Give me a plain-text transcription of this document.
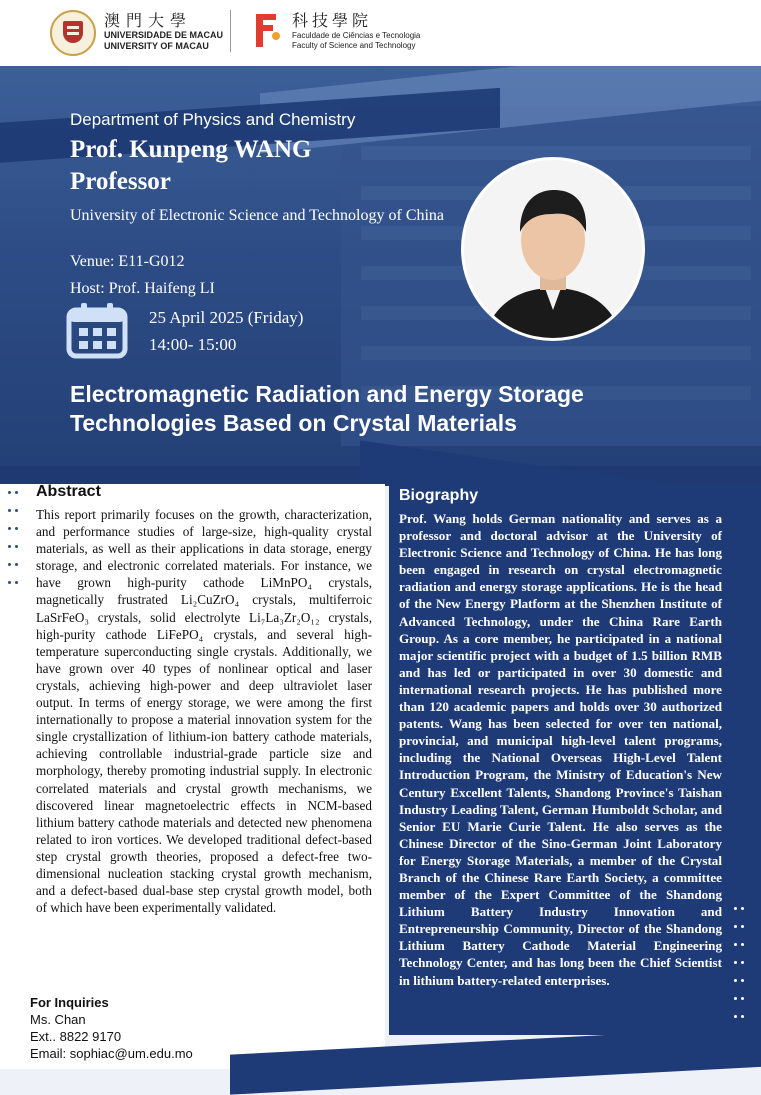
澳門大學
UNIVERSIDADE DE MACAU
UNIVERSITY OF MACAU
科技學院
Faculdade de Ciências e Tecnologia
Faculty of Science and Technology

Department of Physics and Chemistry

Prof. Kunpeng WANG

Professor

University of Electronic Science and Technology of China

Venue: E11-G012

Host: Prof. Haifeng LI

25 April 2025 (Friday)

14:00- 15:00

Electromagnetic Radiation and Energy Storage Technologies Based on Crystal Materials

Abstract

This report primarily focuses on the growth, characterization, and performance studies of large-size, high-quality crystal materials, as well as their applications in data storage, energy storage, and electronic correlated materials. For instance, we have grown high-purity cathode LiMnPO₄ crystals, magnetically frustrated Li₂CuZrO₄ crystals, multiferroic LaSrFeO₃ crystals, solid electrolyte Li₇La₃Zr₂O₁₂ crystals, high-purity cathode LiFePO₄ crystals, and several high-temperature superconducting single crystals. Additionally, we have grown over 40 types of nonlinear optical and laser crystals, achieving high-power and deep ultraviolet laser output. In terms of energy storage, we were among the first internationally to propose a material innovation system for the single crystallization of lithium-ion battery cathode materials, achieving controllable industrial-grade particle size and morphology, thereby promoting industrial supply. In electronic correlated materials and crystal growth mechanisms, we discovered linear magnetoelectric effects in NCM-based lithium battery cathode materials and detected new phenomena related to iron vortices. We developed traditional defect-based step crystal growth theories, proposed a defect-free two-dimensional nucleation stacking crystal growth mechanism, and a defect-based dual-base step crystal growth model, both of which have been experimentally validated.

Biography

Prof. Wang holds German nationality and serves as a professor and doctoral advisor at the University of Electronic Science and Technology of China. He has long been engaged in research on crystal electromagnetic radiation and energy storage applications. He is the head of the New Energy Platform at the Shenzhen Institute of Advanced Technology, under the China Rare Earth Group. As a core member, he participated in a national major scientific project with a budget of 1.5 billion RMB and has led or participated in over 30 domestic and international research projects. He has published more than 120 academic papers and holds over 30 authorized patents. Wang has been selected for over ten national, provincial, and municipal high-level talent programs, including the National Overseas High-Level Talent Introduction Program, the Ministry of Education's New Century Excellent Talents, Shandong Province's Taishan Industry Leading Talent, German Humboldt Scholar, and Senior EU Marie Curie Talent. He also serves as the Chinese Director of the Sino-German Joint Laboratory for Energy Storage Materials, a member of the Crystal Branch of the Chinese Rare Earth Society, a committee member of the Expert Committee of the Shandong Lithium Battery Industry Innovation and Entrepreneurship Community, Director of the Shandong Lithium Battery Cathode Material Engineering Technology Center, and has long been the Chief Scientist in lithium battery-related enterprises.

For Inquiries
Ms. Chan
Ext.. 8822 9170
Email: sophiac@um.edu.mo
